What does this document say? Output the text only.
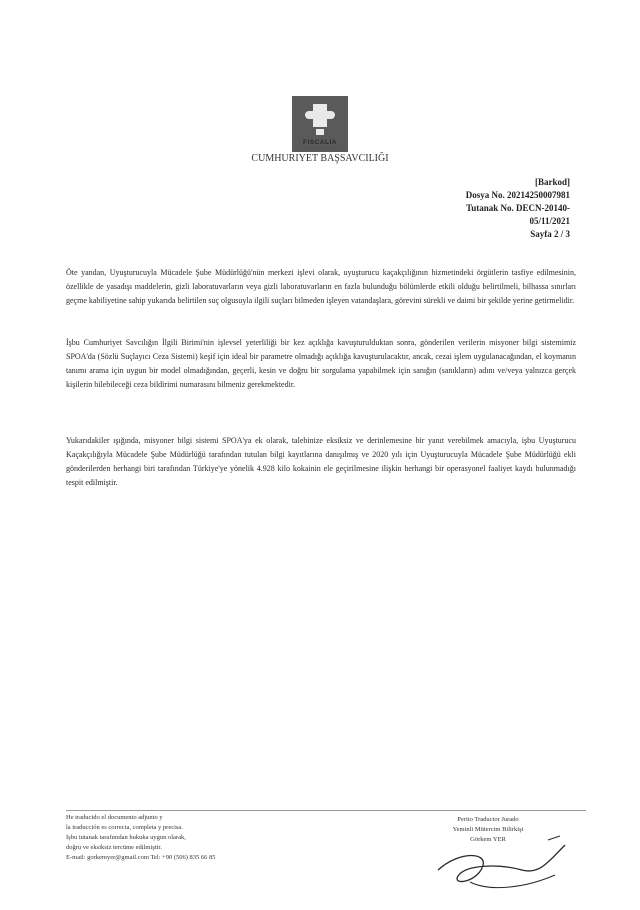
FISCALIA
CUMHURIYET BAŞSAVCILIĞI
[Barkod]
Dosya No. 20214250007981
Tutanak No. DECN-20140-
05/11/2021
Sayfa 2 / 3

Öte yandan, Uyuşturucuyla Mücadele Şube Müdürlüğü'nün merkezi işlevi olarak, uyuşturucu kaçakçılığının hizmetindeki örgütlerin tasfiye edilmesinin, özellikle de yasadışı maddelerin, gizli laboratuvarların veya gizli laboratuvarların en fazla bulunduğu bölümlerde etkili olduğu belirtilmeli, bilhassa sınırları geçme kabiliyetine sahip yukarıda belirtilen suç olgusuyla ilgili suçları bilmeden işleyen vatandaşlara, görevini sürekli ve daimi bir şekilde yerine getirmelidir.

İşbu Cumhuriyet Savcılığın İlgili Birimi'nin işlevsel yeterliliği bir kez açıklığa kavuşturulduktan sonra, gönderilen verilerin misyoner bilgi sistemimiz SPOA'da (Sözlü Suçlayıcı Ceza Sistemi) keşif için ideal bir parametre olmadığı açıklığa kavuşturulacaktır, ancak, cezai işlem uygulanacağından, el koymanın tanımı arama için uygun bir model olmadığından, geçerli, kesin ve doğru bir sorgulama yapabilmek için sanığın (sanıkların) adını ve/veya yalnızca gerçek kişilerin bilebileceği ceza bildirimi numarasını bilmeniz gerekmektedir.

Yukarıdakiler ışığında, misyoner bilgi sistemi SPOA'ya ek olarak, talebinize eksiksiz ve derinlemesine bir yanıt verebilmek amacıyla, işbu Uyuşturucu Kaçakçılığıyla Mücadele Şube Müdürlüğü tarafından tutulan bilgi kayıtlarına danışılmış ve 2020 yılı için Uyuşturucuyla Mücadele Şube Müdürlüğü ekli gönderilerden herhangi biri tarafından Türkiye'ye yönelik 4.928 kilo kokainin ele geçirilmesine ilişkin herhangi bir operasyonel faaliyet kaydı bulunmadığı tespit edilmiştir.

He traducido el documento adjunto y
la traducción es correcta, completa y precisa.
İşbu tutanak tarafımdan hukuka uygun olarak,
doğru ve eksiksiz tercüme edilmiştir.
E-mail: gorkemyer@gmail.com Tel: +90 (506) 835 66 85
Perito Traductor Jurado
Yeminli Mütercim Bilirkişi
Görkem YER
